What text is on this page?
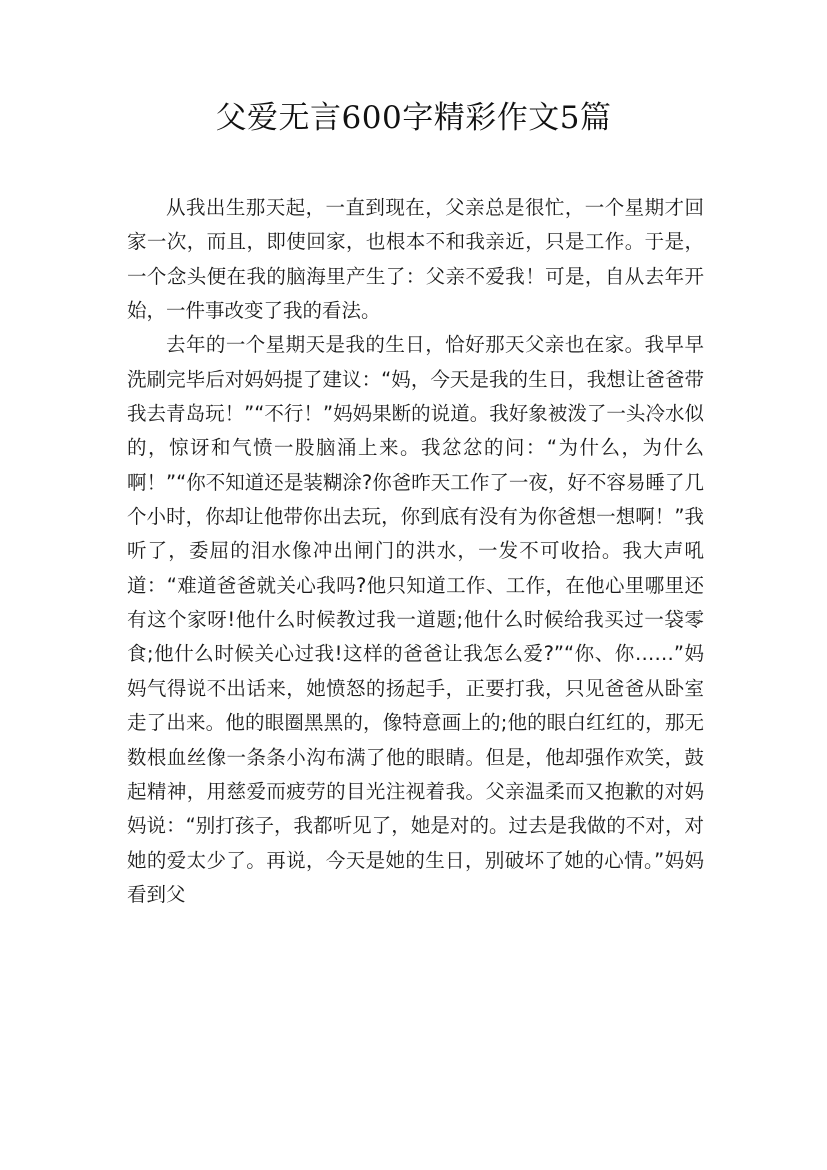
父爱无言600字精彩作文5篇

从我出生那天起，一直到现在，父亲总是很忙，一个星期才回家一次，而且，即使回家，也根本不和我亲近，只是工作。于是，一个念头便在我的脑海里产生了：父亲不爱我！可是，自从去年开始，一件事改变了我的看法。

去年的一个星期天是我的生日，恰好那天父亲也在家。我早早洗刷完毕后对妈妈提了建议：“妈，今天是我的生日，我想让爸爸带我去青岛玩！”“不行！”妈妈果断的说道。我好象被泼了一头冷水似的，惊讶和气愤一股脑涌上来。我忿忿的问：“为什么，为什么啊！”“你不知道还是装糊涂?你爸昨天工作了一夜，好不容易睡了几个小时，你却让他带你出去玩，你到底有没有为你爸想一想啊！”我听了，委屈的泪水像冲出闸门的洪水，一发不可收拾。我大声吼道：“难道爸爸就关心我吗?他只知道工作、工作，在他心里哪里还有这个家呀!他什么时候教过我一道题;他什么时候给我买过一袋零食;他什么时候关心过我!这样的爸爸让我怎么爱?”“你、你……”妈妈气得说不出话来，她愤怒的扬起手，正要打我，只见爸爸从卧室走了出来。他的眼圈黑黑的，像特意画上的;他的眼白红红的，那无数根血丝像一条条小沟布满了他的眼睛。但是，他却强作欢笑，鼓起精神，用慈爱而疲劳的目光注视着我。父亲温柔而又抱歉的对妈妈说：“别打孩子，我都听见了，她是对的。过去是我做的不对，对她的爱太少了。再说，今天是她的生日，别破坏了她的心情。”妈妈看到父
